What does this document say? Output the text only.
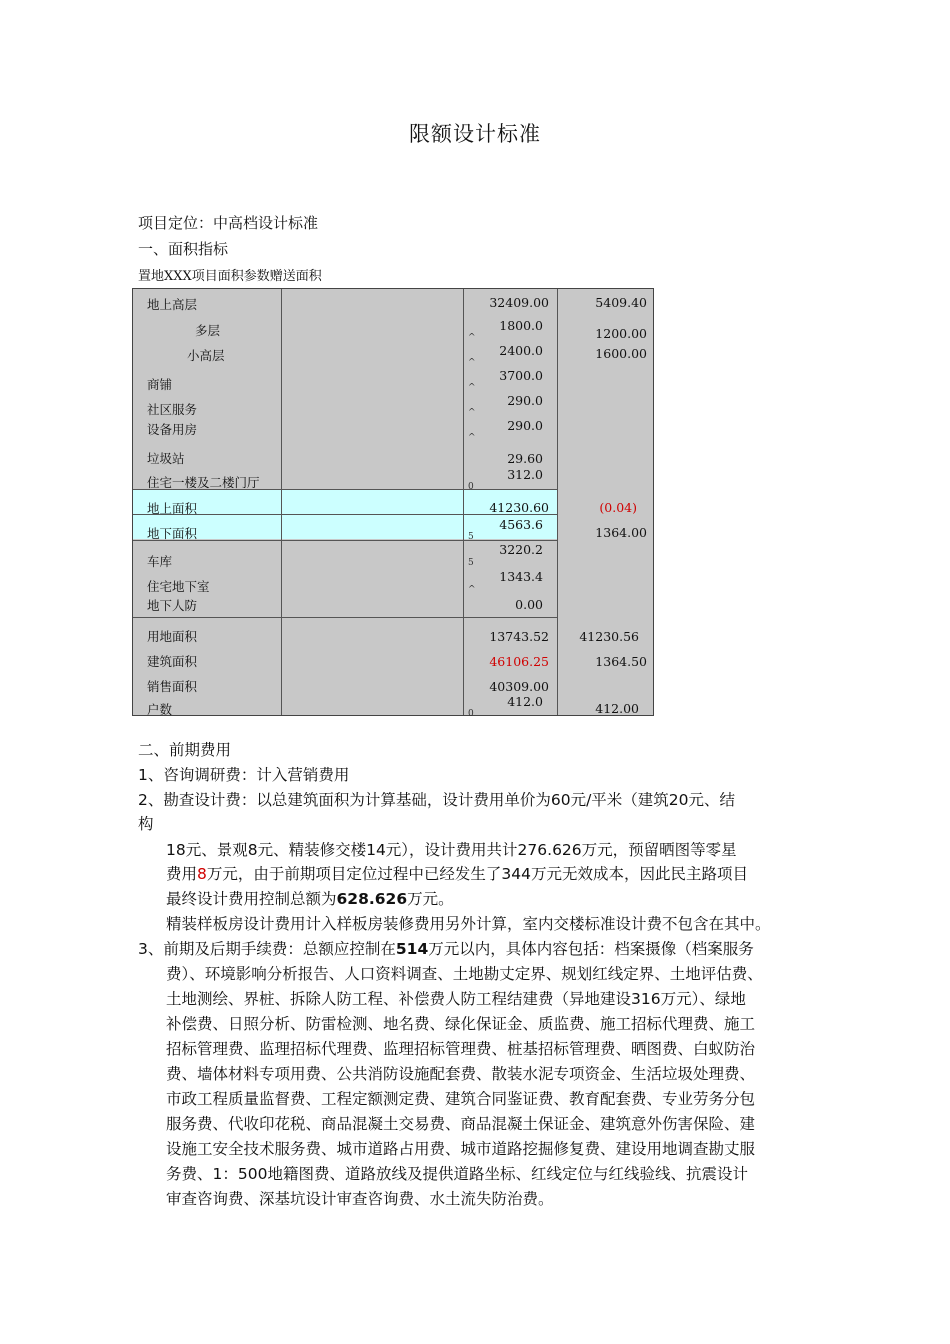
限额设计标准
项目定位：中高档设计标准
一、面积指标
置地XXX项目面积参数赠送面积
地上高层
多层
小高层
商铺
社区服务
设备用房
垃圾站
住宅一楼及二楼门厅
地上面积
地下面积
车库
住宅地下室
地下人防
用地面积
建筑面积
销售面积
户数
32409.00
1800.0
2400.0
3700.0
290.0
290.0
29.60
312.0
41230.60
4563.6
3220.2
1343.4
0.00
13743.52
46106.25
40309.00
412.0
5409.40
1200.00
1600.00
(0.04)
1364.00
41230.56
1364.50
412.00
^
^
^
^
^
0
5
5
^
0
二、前期费用
1、咨询调研费：计入营销费用
2、勘查设计费：以总建筑面积为计算基础，设计费用单价为60元/平米（建筑20元、结
构
18元、景观8元、精装修交楼14元），设计费用共计276.626万元，预留晒图等零星
费用8万元，由于前期项目定位过程中已经发生了344万元无效成本，因此民主路项目
最终设计费用控制总额为628.626万元。
精装样板房设计费用计入样板房装修费用另外计算，室内交楼标准设计费不包含在其中。
3、前期及后期手续费：总额应控制在514万元以内，具体内容包括：档案摄像（档案服务
费）、环境影响分析报告、人口资料调查、土地勘丈定界、规划红线定界、土地评估费、
土地测绘、界桩、拆除人防工程、补偿费人防工程结建费（异地建设316万元）、绿地
补偿费、日照分析、防雷检测、地名费、绿化保证金、质监费、施工招标代理费、施工
招标管理费、监理招标代理费、监理招标管理费、桩基招标管理费、晒图费、白蚁防治
费、墙体材料专项用费、公共消防设施配套费、散装水泥专项资金、生活垃圾处理费、
市政工程质量监督费、工程定额测定费、建筑合同鉴证费、教育配套费、专业劳务分包
服务费、代收印花税、商品混凝土交易费、商品混凝土保证金、建筑意外伤害保险、建
设施工安全技术服务费、城市道路占用费、城市道路挖掘修复费、建设用地调查勘丈服
务费、1：500地籍图费、道路放线及提供道路坐标、红线定位与红线验线、抗震设计
审查咨询费、深基坑设计审查咨询费、水土流失防治费。
